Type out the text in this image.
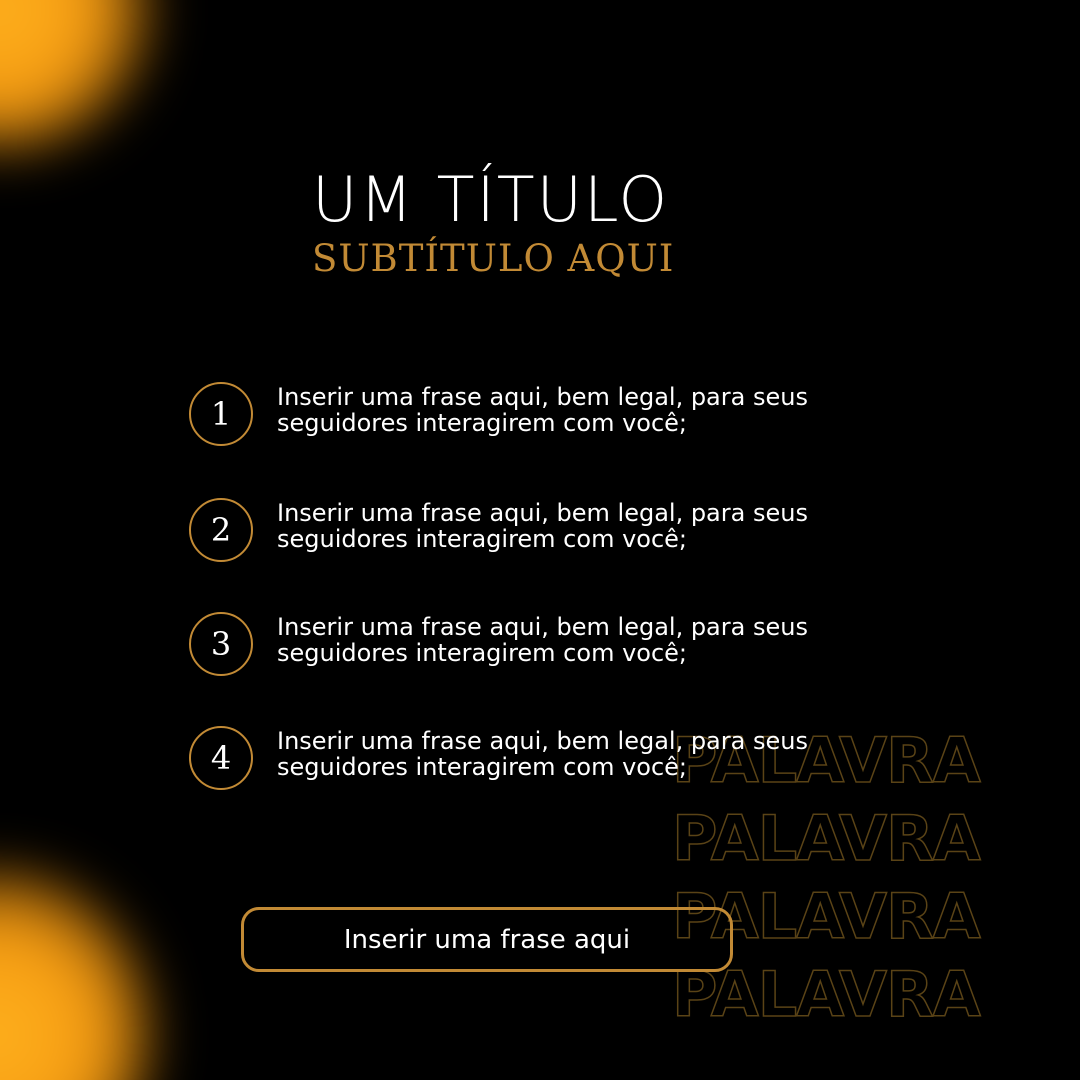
UM TÍTULO
SUBTÍTULO AQUI
PALAVRA
PALAVRA
PALAVRA
PALAVRA
1	Inserir uma frase aqui, bem legal, para seus seguidores interagirem com você;
2	Inserir uma frase aqui, bem legal, para seus seguidores interagirem com você;
3	Inserir uma frase aqui, bem legal, para seus seguidores interagirem com você;
4	Inserir uma frase aqui, bem legal, para seus seguidores interagirem com você;
Inserir uma frase aqui
